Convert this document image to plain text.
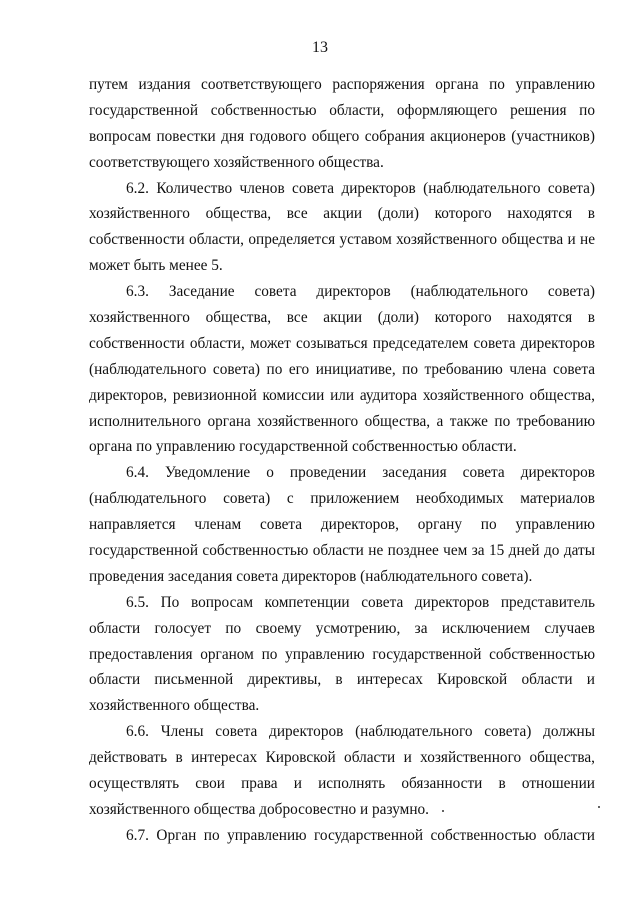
13
путем издания соответствующего распоряжения органа по управлению
государственной собственностью области, оформляющего решения по
вопросам повестки дня годового общего собрания акционеров (участников)
соответствующего хозяйственного общества.
6.2. Количество членов совета директоров (наблюдательного совета)
хозяйственного общества, все акции (доли) которого находятся в
собственности области, определяется уставом хозяйственного общества и не
может быть менее 5.
6.3. Заседание совета директоров (наблюдательного совета)
хозяйственного общества, все акции (доли) которого находятся в
собственности области, может созываться председателем совета директоров
(наблюдательного совета) по его инициативе, по требованию члена совета
директоров, ревизионной комиссии или аудитора хозяйственного общества,
исполнительного органа хозяйственного общества, а также по требованию
органа по управлению государственной собственностью области.
6.4. Уведомление о проведении заседания совета директоров
(наблюдательного совета) с приложением необходимых материалов
направляется членам совета директоров, органу по управлению
государственной собственностью области не позднее чем за 15 дней до даты
проведения заседания совета директоров (наблюдательного совета).
6.5. По вопросам компетенции совета директоров представитель
области голосует по своему усмотрению, за исключением случаев
предоставления органом по управлению государственной собственностью
области письменной директивы, в интересах Кировской области и
хозяйственного общества.
6.6. Члены совета директоров (наблюдательного совета) должны
действовать в интересах Кировской области и хозяйственного общества,
осуществлять свои права и исполнять обязанности в отношении
хозяйственного общества добросовестно и разумно.
6.7. Орган по управлению государственной собственностью области
